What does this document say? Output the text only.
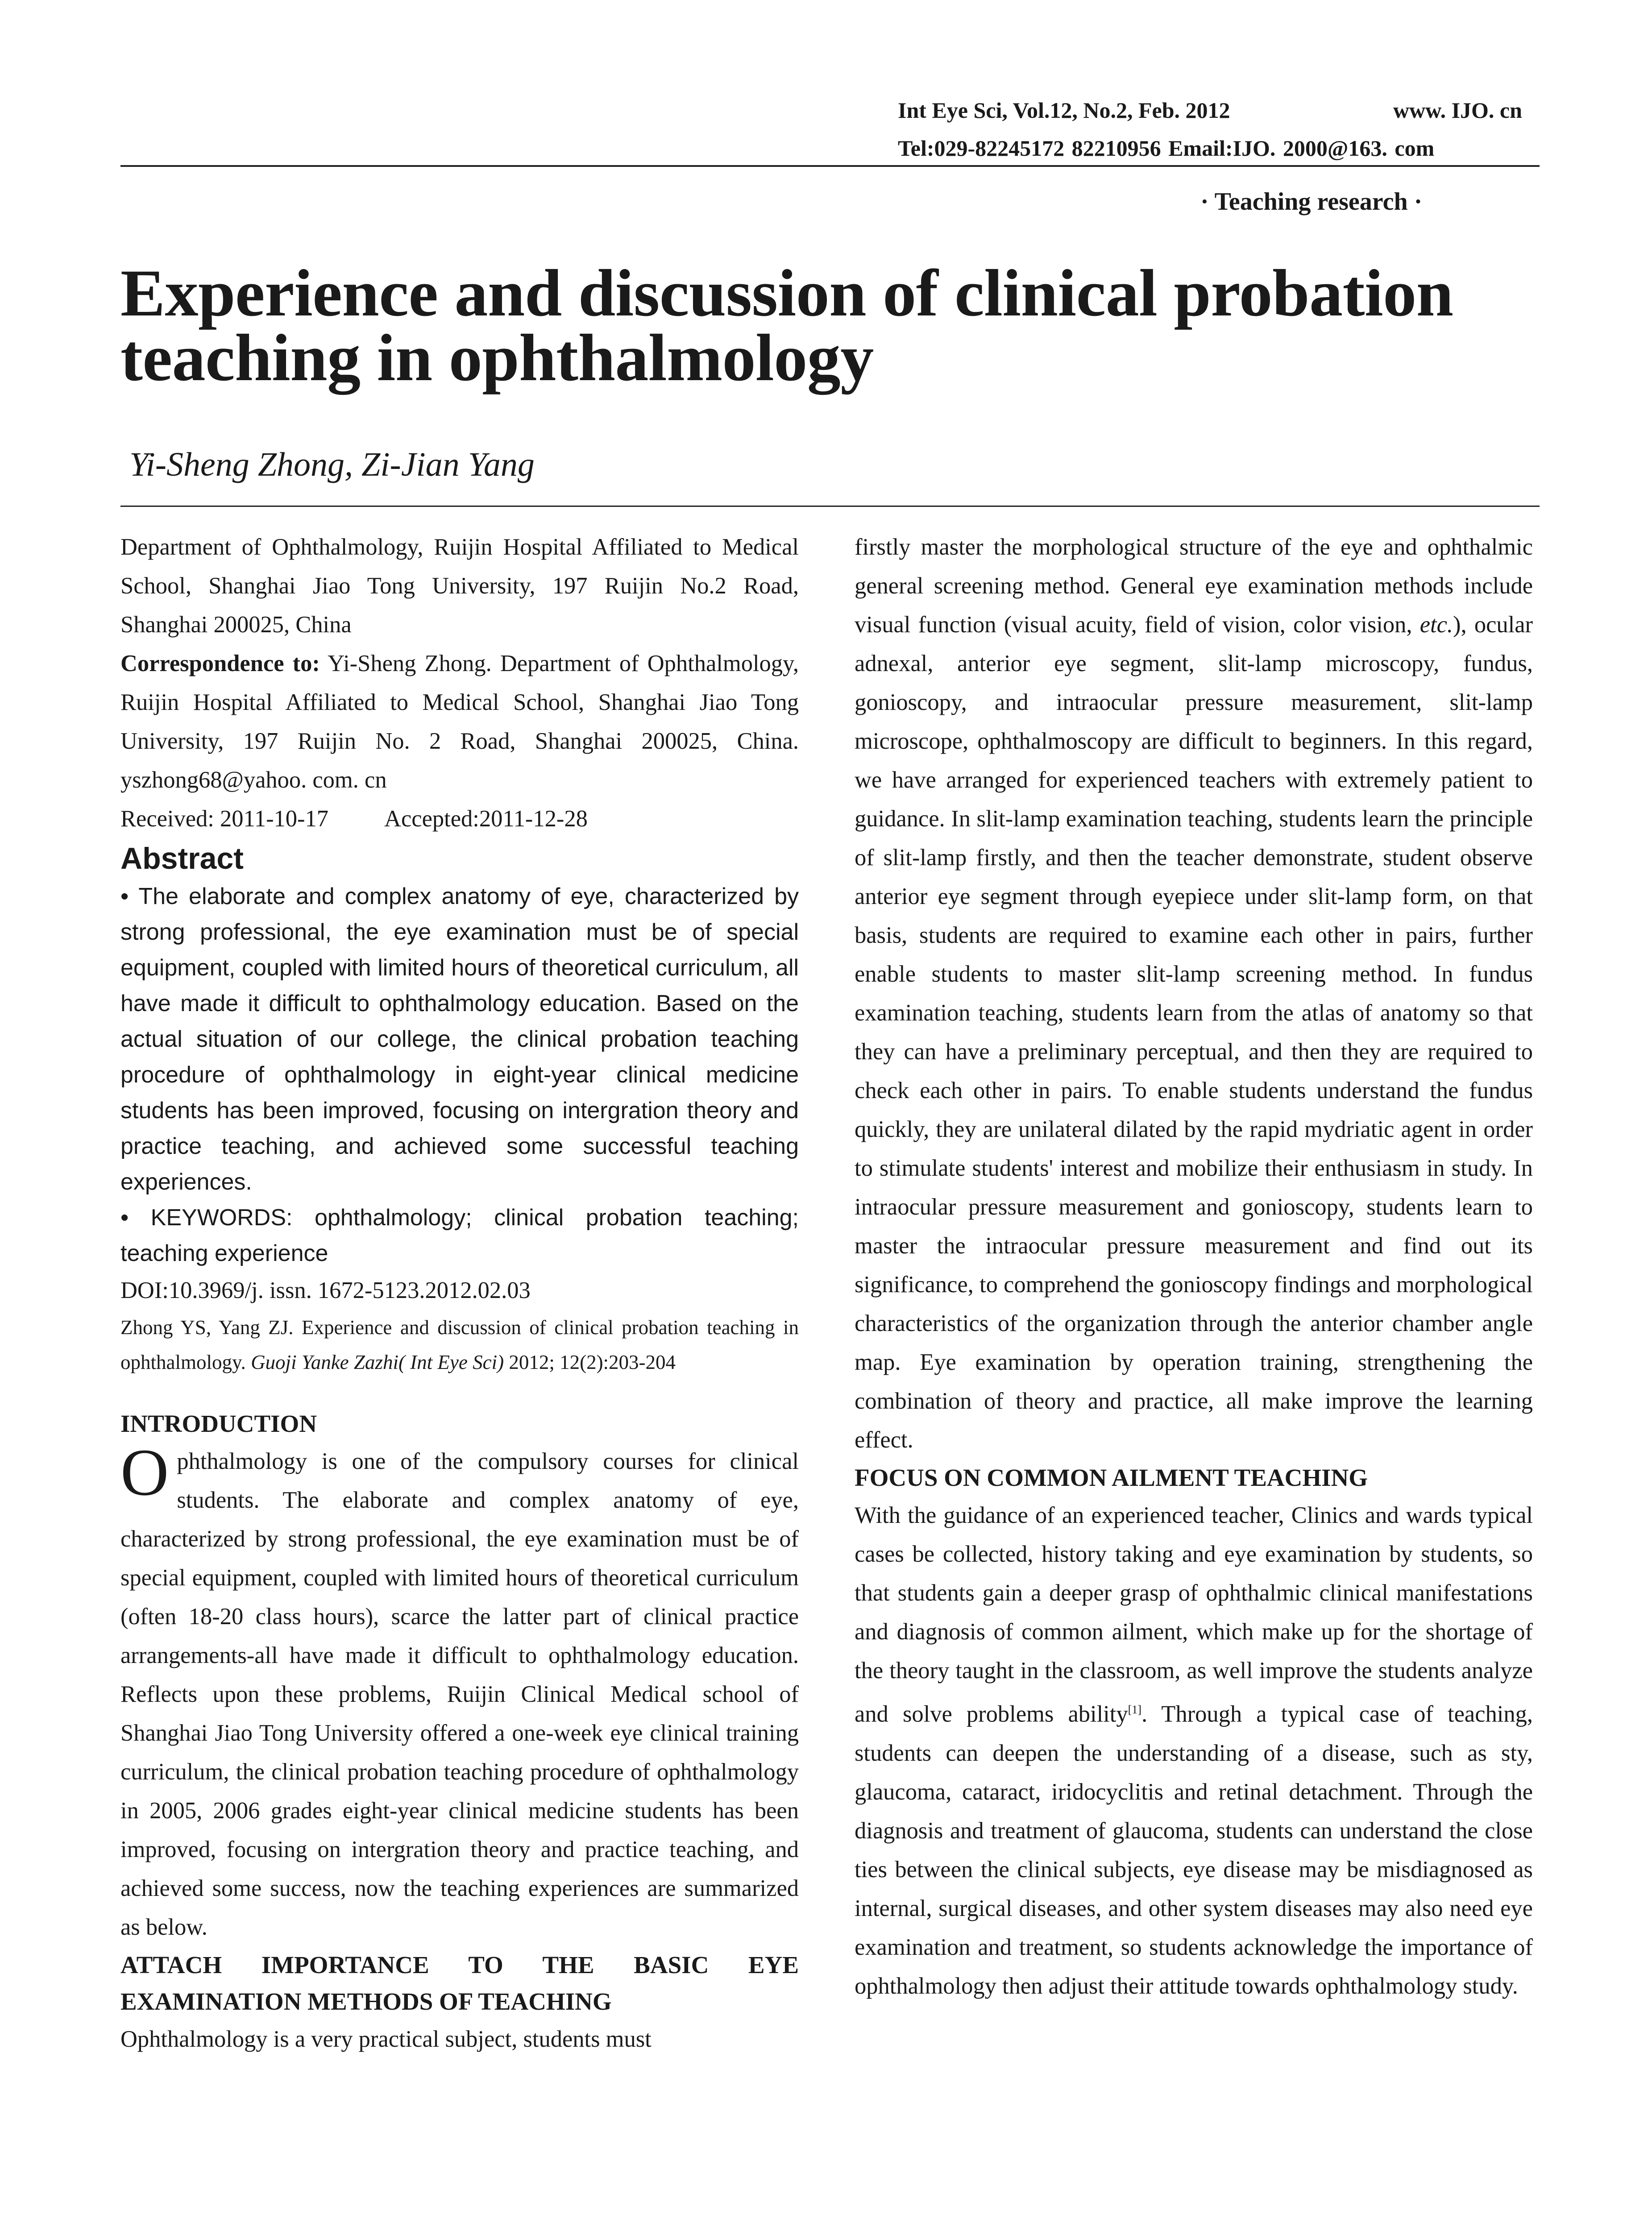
Int Eye Sci, Vol.12, No.2, Feb. 2012	www. IJO. cn
Tel:029-82245172 82210956 Email:IJO. 2000@163. com
· Teaching research ·
Experience and discussion of clinical probation teaching in ophthalmology
Yi-Sheng Zhong, Zi-Jian Yang

Department of Ophthalmology, Ruijin Hospital Affiliated to Medical School, Shanghai Jiao Tong University, 197 Ruijin No.2 Road, Shanghai 200025, China

Correspondence to: Yi-Sheng Zhong. Department of Ophthalmology, Ruijin Hospital Affiliated to Medical School, Shanghai Jiao Tong University, 197 Ruijin No. 2 Road, Shanghai 200025, China. yszhong68@yahoo. com. cn

Received: 2011-10-17 Accepted:2011-12-28

Abstract

• The elaborate and complex anatomy of eye, characterized by strong professional, the eye examination must be of special equipment, coupled with limited hours of theoretical curriculum, all have made it difficult to ophthalmology education. Based on the actual situation of our college, the clinical probation teaching procedure of ophthalmology in eight-year clinical medicine students has been improved, focusing on intergration theory and practice teaching, and achieved some successful teaching experiences.

• KEYWORDS: ophthalmology; clinical probation teaching; teaching experience

DOI:10.3969/j. issn. 1672-5123.2012.02.03

Zhong YS, Yang ZJ. Experience and discussion of clinical probation teaching in ophthalmology. Guoji Yanke Zazhi( Int Eye Sci) 2012; 12(2):203-204

INTRODUCTION

Ophthalmology is one of the compulsory courses for clinical students. The elaborate and complex anatomy of eye, characterized by strong professional, the eye examination must be of special equipment, coupled with limited hours of theoretical curriculum (often 18-20 class hours), scarce the latter part of clinical practice arrangements-all have made it difficult to ophthalmology education. Reflects upon these problems, Ruijin Clinical Medical school of Shanghai Jiao Tong University offered a one-week eye clinical training curriculum, the clinical probation teaching procedure of ophthalmology in 2005, 2006 grades eight-year clinical medicine students has been improved, focusing on intergration theory and practice teaching, and achieved some success, now the teaching experiences are summarized as below.

ATTACH IMPORTANCE TO THE BASIC EYE EXAMINATION METHODS OF TEACHING

Ophthalmology is a very practical subject, students must

firstly master the morphological structure of the eye and ophthalmic general screening method. General eye examination methods include visual function (visual acuity, field of vision, color vision, etc.), ocular adnexal, anterior eye segment, slit-lamp microscopy, fundus, gonioscopy, and intraocular pressure measurement, slit-lamp microscope, ophthalmoscopy are difficult to beginners. In this regard, we have arranged for experienced teachers with extremely patient to guidance. In slit-lamp examination teaching, students learn the principle of slit-lamp firstly, and then the teacher demonstrate, student observe anterior eye segment through eyepiece under slit-lamp form, on that basis, students are required to examine each other in pairs, further enable students to master slit-lamp screening method. In fundus examination teaching, students learn from the atlas of anatomy so that they can have a preliminary perceptual, and then they are required to check each other in pairs. To enable students understand the fundus quickly, they are unilateral dilated by the rapid mydriatic agent in order to stimulate students' interest and mobilize their enthusiasm in study. In intraocular pressure measurement and gonioscopy, students learn to master the intraocular pressure measurement and find out its significance, to comprehend the gonioscopy findings and morphological characteristics of the organization through the anterior chamber angle map. Eye examination by operation training, strengthening the combination of theory and practice, all make improve the learning effect.

FOCUS ON COMMON AILMENT TEACHING

With the guidance of an experienced teacher, Clinics and wards typical cases be collected, history taking and eye examination by students, so that students gain a deeper grasp of ophthalmic clinical manifestations and diagnosis of common ailment, which make up for the shortage of the theory taught in the classroom, as well improve the students analyze and solve problems ability[1]. Through a typical case of teaching, students can deepen the understanding of a disease, such as sty, glaucoma, cataract, iridocyclitis and retinal detachment. Through the diagnosis and treatment of glaucoma, students can understand the close ties between the clinical subjects, eye disease may be misdiagnosed as internal, surgical diseases, and other system diseases may also need eye examination and treatment, so students acknowledge the importance of ophthalmology then adjust their attitude towards ophthalmology study.
